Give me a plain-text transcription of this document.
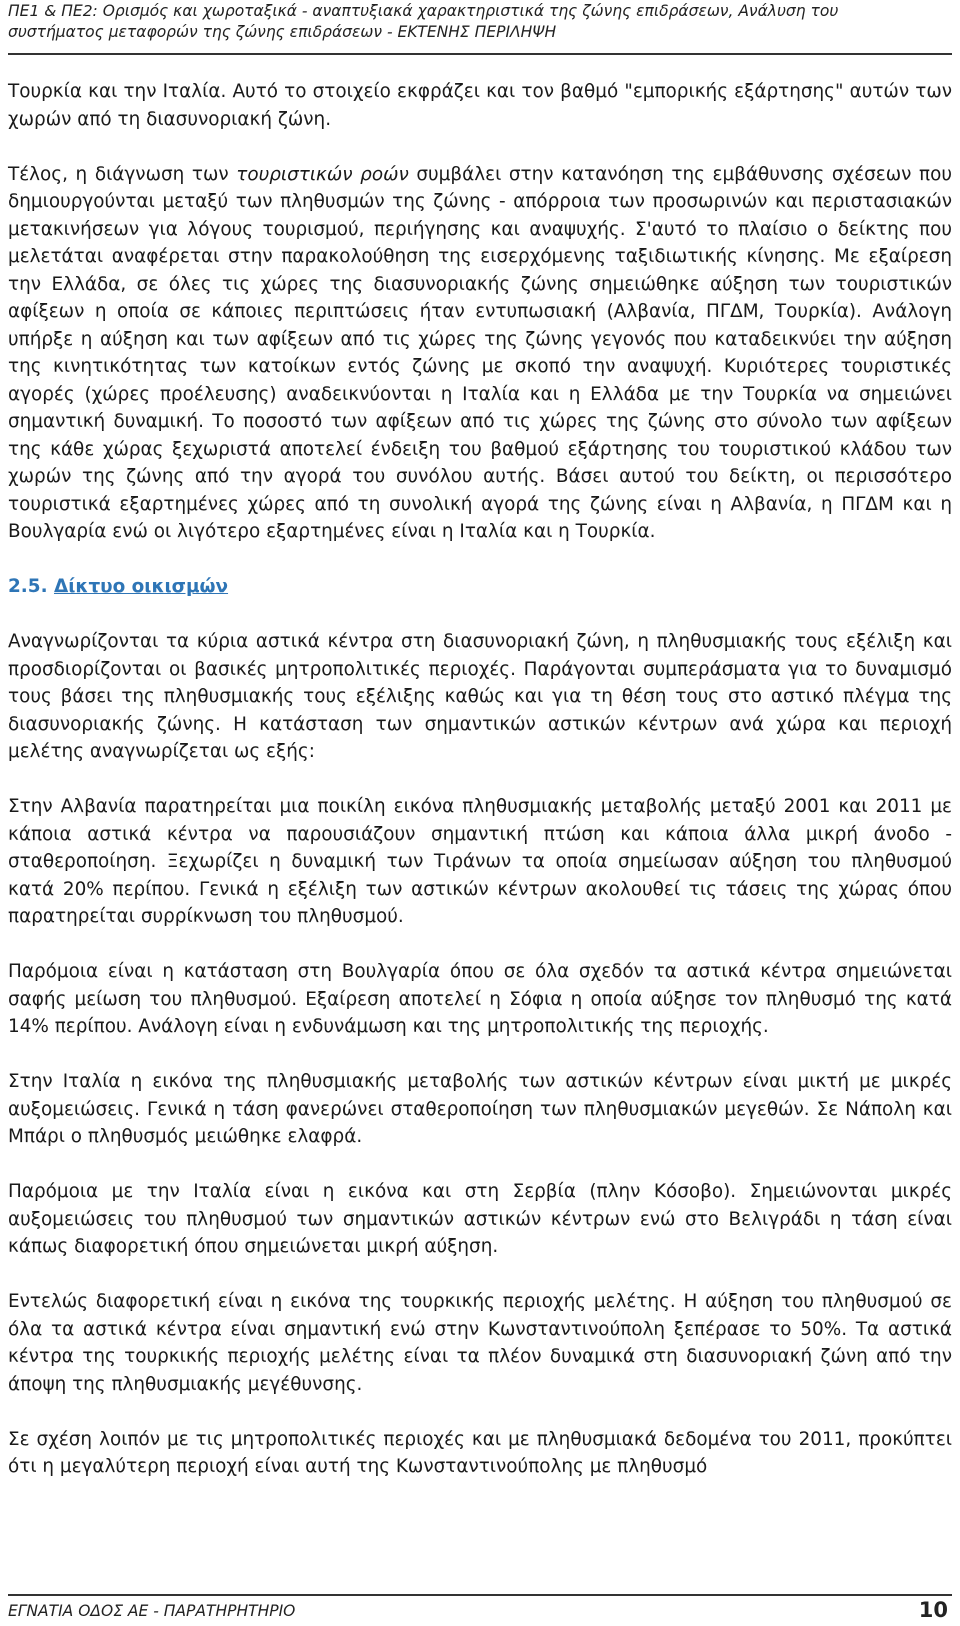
ΠΕ1 & ΠΕ2: Ορισμός και χωροταξικά - αναπτυξιακά χαρακτηριστικά της ζώνης επιδράσεων, Ανάλυση του
συστήματος μεταφορών της ζώνης επιδράσεων - ΕΚΤΕΝΗΣ ΠΕΡΙΛΗΨΗ

Τουρκία και την Ιταλία. Αυτό το στοιχείο εκφράζει και τον βαθμό "εμπορικής εξάρτησης" αυτών των χωρών από τη διασυνοριακή ζώνη.

Τέλος, η διάγνωση των τουριστικών ροών συμβάλει στην κατανόηση της εμβάθυνσης σχέσεων που δημιουργούνται μεταξύ των πληθυσμών της ζώνης - απόρροια των προσωρινών και περιστασιακών μετακινήσεων για λόγους τουρισμού, περιήγησης και αναψυχής. Σ'αυτό το πλαίσιο ο δείκτης που μελετάται αναφέρεται στην παρακολούθηση της εισερχόμενης ταξιδιωτικής κίνησης. Με εξαίρεση την Ελλάδα, σε όλες τις χώρες της διασυνοριακής ζώνης σημειώθηκε αύξηση των τουριστικών αφίξεων η οποία σε κάποιες περιπτώσεις ήταν εντυπωσιακή (Αλβανία, ΠΓΔΜ, Τουρκία). Ανάλογη υπήρξε η αύξηση και των αφίξεων από τις χώρες της ζώνης γεγονός που καταδεικνύει την αύξηση της κινητικότητας των κατοίκων εντός ζώνης με σκοπό την αναψυχή. Κυριότερες τουριστικές αγορές (χώρες προέλευσης) αναδεικνύονται η Ιταλία και η Ελλάδα με την Τουρκία να σημειώνει σημαντική δυναμική. Το ποσοστό των αφίξεων από τις χώρες της ζώνης στο σύνολο των αφίξεων της κάθε χώρας ξεχωριστά αποτελεί ένδειξη του βαθμού εξάρτησης του τουριστικού κλάδου των χωρών της ζώνης από την αγορά του συνόλου αυτής. Βάσει αυτού του δείκτη, οι περισσότερο τουριστικά εξαρτημένες χώρες από τη συνολική αγορά της ζώνης είναι η Αλβανία, η ΠΓΔΜ και η Βουλγαρία ενώ οι λιγότερο εξαρτημένες είναι η Ιταλία και η Τουρκία.

2.5. Δίκτυο οικισμών

Αναγνωρίζονται τα κύρια αστικά κέντρα στη διασυνοριακή ζώνη, η πληθυσμιακής τους εξέλιξη και προσδιορίζονται οι βασικές μητροπολιτικές περιοχές. Παράγονται συμπεράσματα για το δυναμισμό τους βάσει της πληθυσμιακής τους εξέλιξης καθώς και για τη θέση τους στο αστικό πλέγμα της διασυνοριακής ζώνης. Η κατάσταση των σημαντικών αστικών κέντρων ανά χώρα και περιοχή μελέτης αναγνωρίζεται ως εξής:

Στην Αλβανία παρατηρείται μια ποικίλη εικόνα πληθυσμιακής μεταβολής μεταξύ 2001 και 2011 με κάποια αστικά κέντρα να παρουσιάζουν σημαντική πτώση και κάποια άλλα μικρή άνοδο - σταθεροποίηση. Ξεχωρίζει η δυναμική των Τιράνων τα οποία σημείωσαν αύξηση του πληθυσμού κατά 20% περίπου. Γενικά η εξέλιξη των αστικών κέντρων ακολουθεί τις τάσεις της χώρας όπου παρατηρείται συρρίκνωση του πληθυσμού.

Παρόμοια είναι η κατάσταση στη Βουλγαρία όπου σε όλα σχεδόν τα αστικά κέντρα σημειώνεται σαφής μείωση του πληθυσμού. Εξαίρεση αποτελεί η Σόφια η οποία αύξησε τον πληθυσμό της κατά 14% περίπου. Ανάλογη είναι η ενδυνάμωση και της μητροπολιτικής της περιοχής.

Στην Ιταλία η εικόνα της πληθυσμιακής μεταβολής των αστικών κέντρων είναι μικτή με μικρές αυξομειώσεις. Γενικά η τάση φανερώνει σταθεροποίηση των πληθυσμιακών μεγεθών. Σε Νάπολη και Μπάρι ο πληθυσμός μειώθηκε ελαφρά.

Παρόμοια με την Ιταλία είναι η εικόνα και στη Σερβία (πλην Κόσοβο). Σημειώνονται μικρές αυξομειώσεις του πληθυσμού των σημαντικών αστικών κέντρων ενώ στο Βελιγράδι η τάση είναι κάπως διαφορετική όπου σημειώνεται μικρή αύξηση.

Εντελώς διαφορετική είναι η εικόνα της τουρκικής περιοχής μελέτης. Η αύξηση του πληθυσμού σε όλα τα αστικά κέντρα είναι σημαντική ενώ στην Κωνσταντινούπολη ξεπέρασε το 50%. Τα αστικά κέντρα της τουρκικής περιοχής μελέτης είναι τα πλέον δυναμικά στη διασυνοριακή ζώνη από την άποψη της πληθυσμιακής μεγέθυνσης.

Σε σχέση λοιπόν με τις μητροπολιτικές περιοχές και με πληθυσμιακά δεδομένα του 2011, προκύπτει ότι η μεγαλύτερη περιοχή είναι αυτή της Κωνσταντινούπολης με πληθυσμό

ΕΓΝΑΤΙΑ ΟΔΟΣ ΑΕ - ΠΑΡΑΤΗΡΗΤΗΡΙΟ	10
